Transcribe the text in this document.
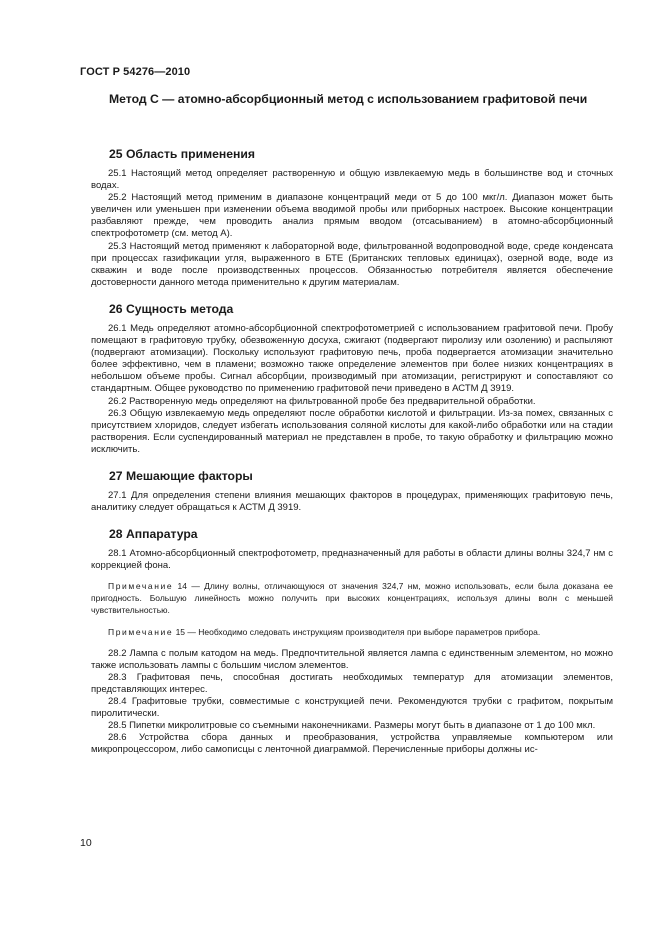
ГОСТ Р 54276—2010
Метод С — атомно-абсорбционный метод с использованием графитовой печи
25 Область применения

25.1 Настоящий метод определяет растворенную и общую извлекаемую медь в большинстве вод и сточных водах.

25.2 Настоящий метод применим в диапазоне концентраций меди от 5 до 100 мкг/л. Диапазон может быть увеличен или уменьшен при изменении объема вводимой пробы или приборных настроек. Высокие концентрации разбавляют прежде, чем проводить анализ прямым вводом (отсасыванием) в атомно-абсорбционный спектрофотометр (см. метод А).

25.3 Настоящий метод применяют к лабораторной воде, фильтрованной водопроводной воде, среде конденсата при процессах газификации угля, выраженного в БТЕ (Британских тепловых единицах), озерной воде, воде из скважин и воде после производственных процессов. Обязанностью потребителя является обеспечение достоверности данного метода применительно к другим материалам.

26 Сущность метода

26.1 Медь определяют атомно-абсорбционной спектрофотометрией с использованием графитовой печи. Пробу помещают в графитовую трубку, обезвоженную досуха, сжигают (подвергают пиролизу или озолению) и распыляют (подвергают атомизации). Поскольку используют графитовую печь, проба подвергается атомизации значительно более эффективно, чем в пламени; возможно также определение элементов при более низких концентрациях в небольшом объеме пробы. Сигнал абсорбции, производимый при атомизации, регистрируют и сопоставляют со стандартным. Общее руководство по применению графитовой печи приведено в АСТМ Д 3919.

26.2 Растворенную медь определяют на фильтрованной пробе без предварительной обработки.

26.3 Общую извлекаемую медь определяют после обработки кислотой и фильтрации. Из-за помех, связанных с присутствием хлоридов, следует избегать использования соляной кислоты для какой-либо обработки или на стадии растворения. Если суспендированный материал не представлен в пробе, то такую обработку и фильтрацию можно исключить.

27 Мешающие факторы

27.1 Для определения степени влияния мешающих факторов в процедурах, применяющих графитовую печь, аналитику следует обращаться к АСТМ Д 3919.

28 Аппаратура

28.1 Атомно-абсорбционный спектрофотометр, предназначенный для работы в области длины волны 324,7 нм с коррекцией фона.

Примечание 14 — Длину волны, отличающуюся от значения 324,7 нм, можно использовать, если была доказана ее пригодность. Большую линейность можно получить при высоких концентрациях, используя длины волн с меньшей чувствительностью.

Примечание 15 — Необходимо следовать инструкциям производителя при выборе параметров прибора.

28.2 Лампа с полым катодом на медь. Предпочтительной является лампа с единственным элементом, но можно также использовать лампы с большим числом элементов.

28.3 Графитовая печь, способная достигать необходимых температур для атомизации элементов, представляющих интерес.

28.4 Графитовые трубки, совместимые с конструкцией печи. Рекомендуются трубки с графитом, покрытым пиролитически.

28.5 Пипетки микролитровые со съемными наконечниками. Размеры могут быть в диапазоне от 1 до 100 мкл.

28.6 Устройства сбора данных и преобразования, устройства управляемые компьютером или микропроцессором, либо самописцы с ленточной диаграммой. Перечисленные приборы должны ис-

10
